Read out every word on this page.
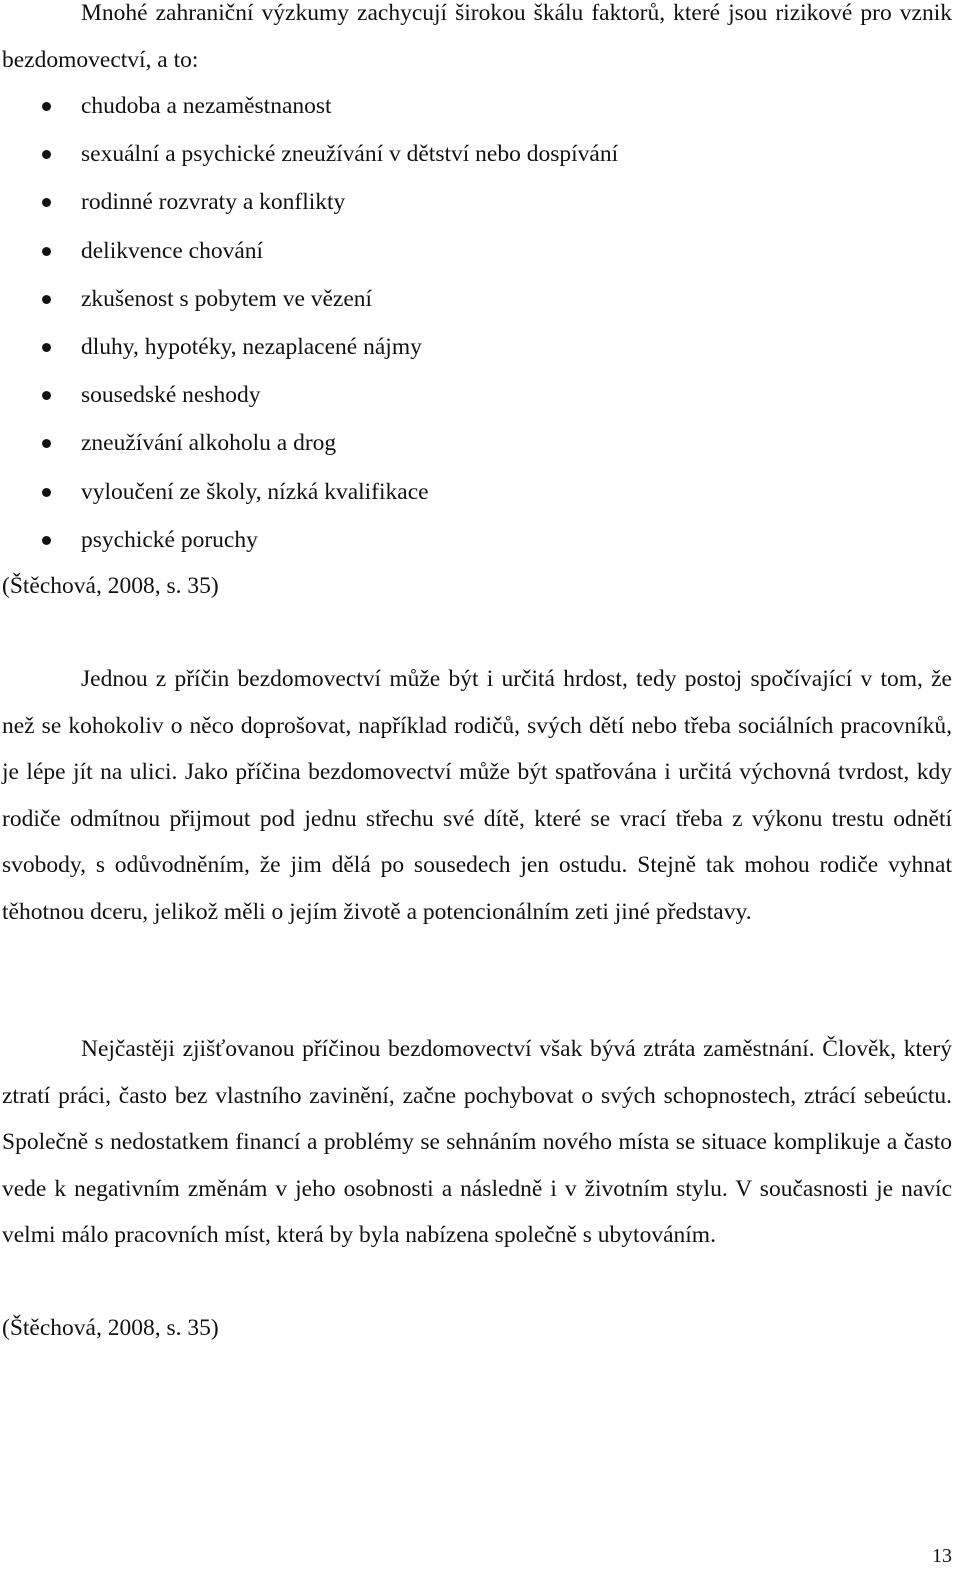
Mnohé zahraniční výzkumy zachycují širokou škálu faktorů, které jsou rizikové pro vznik bezdomovectví, a to:

chudoba a nezaměstnanost
sexuální a psychické zneužívání v dětství nebo dospívání
rodinné rozvraty a konflikty
delikvence chování
zkušenost s pobytem ve vězení
dluhy, hypotéky, nezaplacené nájmy
sousedské neshody
zneužívání alkoholu a drog
vyloučení ze školy, nízká kvalifikace
psychické poruchy
(Štěchová, 2008, s. 35)

Jednou z příčin bezdomovectví může být i určitá hrdost, tedy postoj spočívající v tom, že než se kohokoliv o něco doprošovat, například rodičů, svých dětí nebo třeba sociálních pracovníků, je lépe jít na ulici. Jako příčina bezdomovectví může být spatřována i určitá výchovná tvrdost, kdy rodiče odmítnou přijmout pod jednu střechu své dítě, které se vrací třeba z výkonu trestu odnětí svobody, s odůvodněním, že jim dělá po sousedech jen ostudu. Stejně tak mohou rodiče vyhnat těhotnou dceru, jelikož měli o jejím životě a potencionálním zeti jiné představy.

Nejčastěji zjišťovanou příčinou bezdomovectví však bývá ztráta zaměstnání. Člověk, který ztratí práci, často bez vlastního zavinění, začne pochybovat o svých schopnostech, ztrácí sebeúctu. Společně s nedostatkem financí a problémy se sehnáním nového místa se situace komplikuje a často vede k negativním změnám v jeho osobnosti a následně i v životním stylu. V současnosti je navíc velmi málo pracovních míst, která by byla nabízena společně s ubytováním.

(Štěchová, 2008, s. 35)
13
